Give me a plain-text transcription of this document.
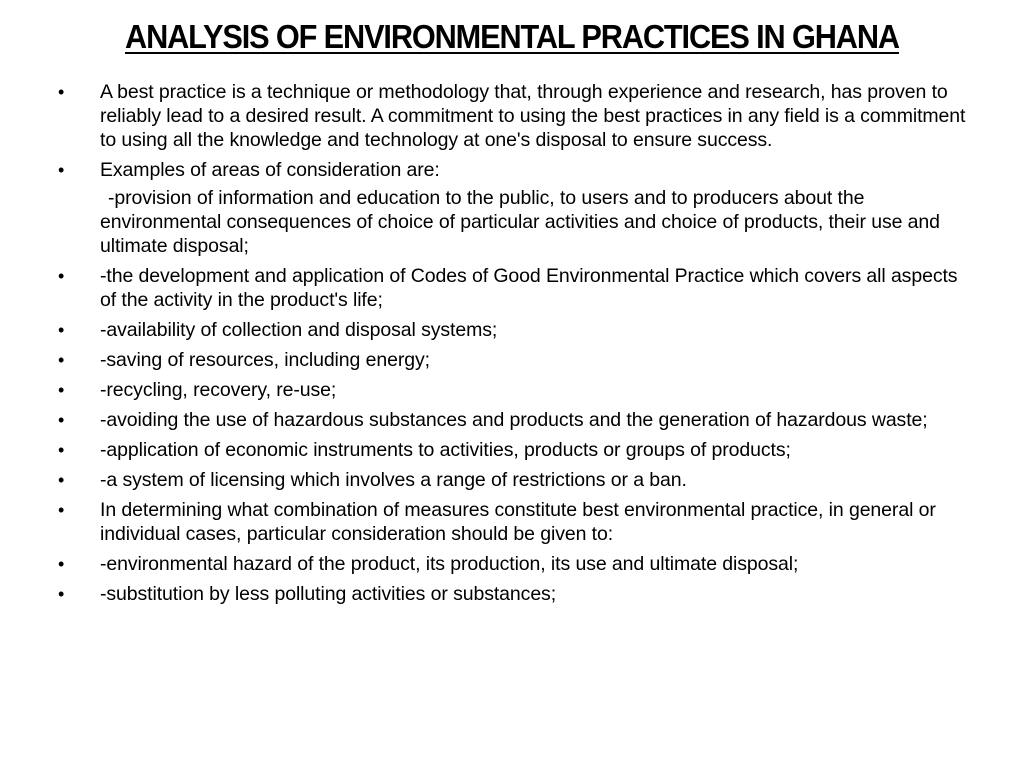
ANALYSIS OF ENVIRONMENTAL PRACTICES IN GHANA
•	A best practice is a technique or methodology that, through experience and research, has proven to reliably lead to a desired result. A commitment to using the best practices in any field is a commitment to using all the knowledge and technology at one's disposal to ensure success.
•	Examples of areas of consideration are:
-provision of information and education to the public, to users and to producers about the environmental consequences of choice of particular activities and choice of products, their use and ultimate disposal;
•	-the development and application of Codes of Good Environmental Practice which covers all aspects of the activity in the product's life;
•	-availability of collection and disposal systems;
•	-saving of resources, including energy;
•	-recycling, recovery, re-use;
•	-avoiding the use of hazardous substances and products and the generation of hazardous waste;
•	-application of economic instruments to activities, products or groups of products;
•	-a system of licensing which involves a range of restrictions or a ban.
•	In determining what combination of measures constitute best environmental practice, in general or individual cases, particular consideration should be given to:
•	-environmental hazard of the product, its production, its use and ultimate disposal;
•	-substitution by less polluting activities or substances;
